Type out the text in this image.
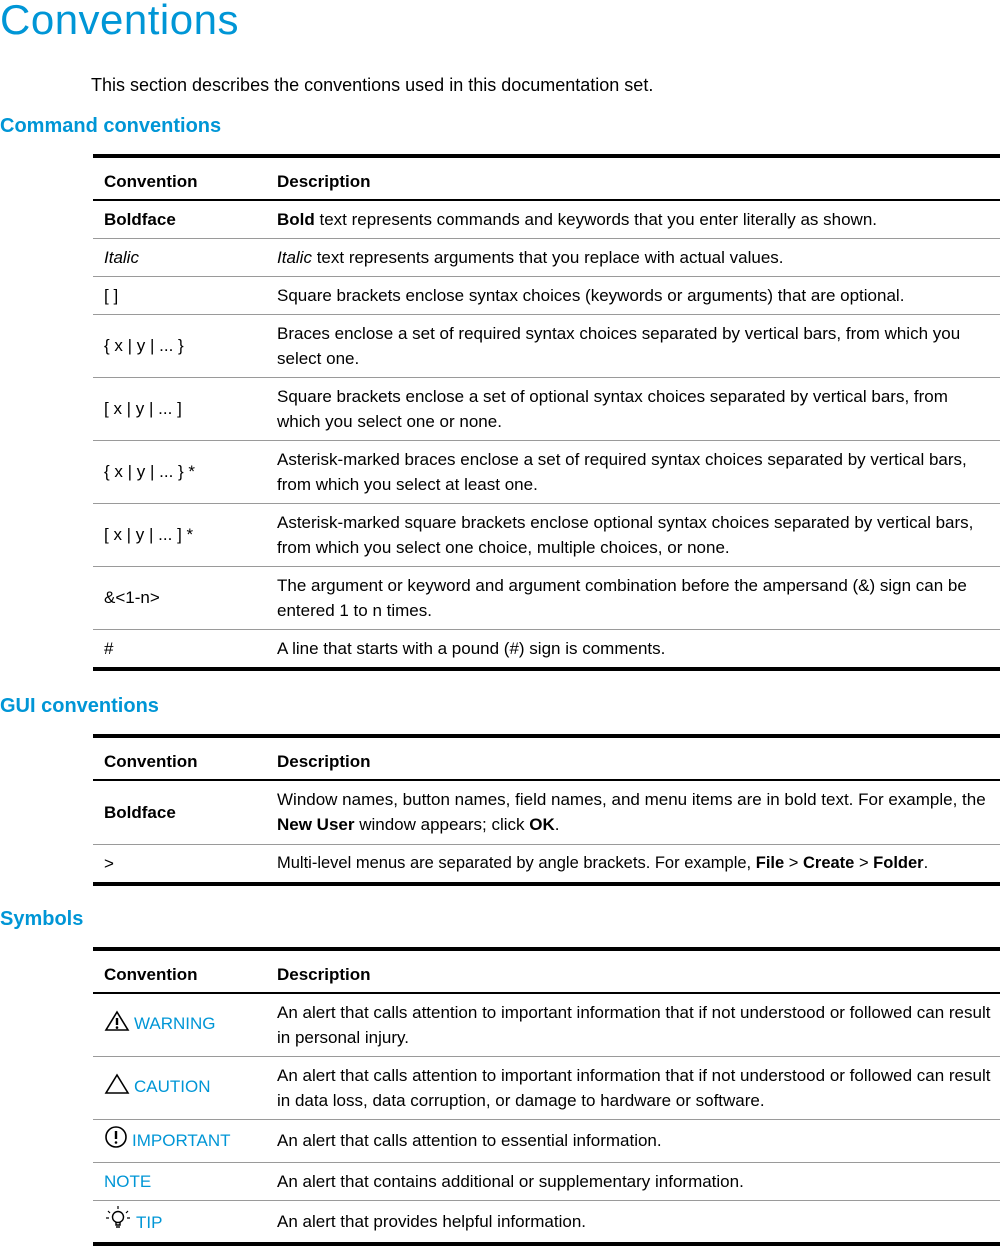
Conventions
This section describes the conventions used in this documentation set.
Command conventions
Convention	Description
Boldface	Bold text represents commands and keywords that you enter literally as shown.
Italic	Italic text represents arguments that you replace with actual values.
[ ]	Square brackets enclose syntax choices (keywords or arguments) that are optional.
{ x | y | ... }	Braces enclose a set of required syntax choices separated by vertical bars, from which you select one.
[ x | y | ... ]	Square brackets enclose a set of optional syntax choices separated by vertical bars, from which you select one or none.
{ x | y | ... } *	Asterisk-marked braces enclose a set of required syntax choices separated by vertical bars, from which you select at least one.
[ x | y | ... ] *	Asterisk-marked square brackets enclose optional syntax choices separated by vertical bars, from which you select one choice, multiple choices, or none.
&<1-n>	The argument or keyword and argument combination before the ampersand (&) sign can be entered 1 to n times.
#	A line that starts with a pound (#) sign is comments.
GUI conventions
Convention	Description
Boldface	Window names, button names, field names, and menu items are in bold text. For example, the New User window appears; click OK.
>	Multi-level menus are separated by angle brackets. For example, File > Create > Folder.
Symbols
Convention	Description
WARNING	An alert that calls attention to important information that if not understood or followed can result in personal injury.
CAUTION	An alert that calls attention to important information that if not understood or followed can result in data loss, data corruption, or damage to hardware or software.
IMPORTANT	An alert that calls attention to essential information.
NOTE	An alert that contains additional or supplementary information.
TIP	An alert that provides helpful information.
